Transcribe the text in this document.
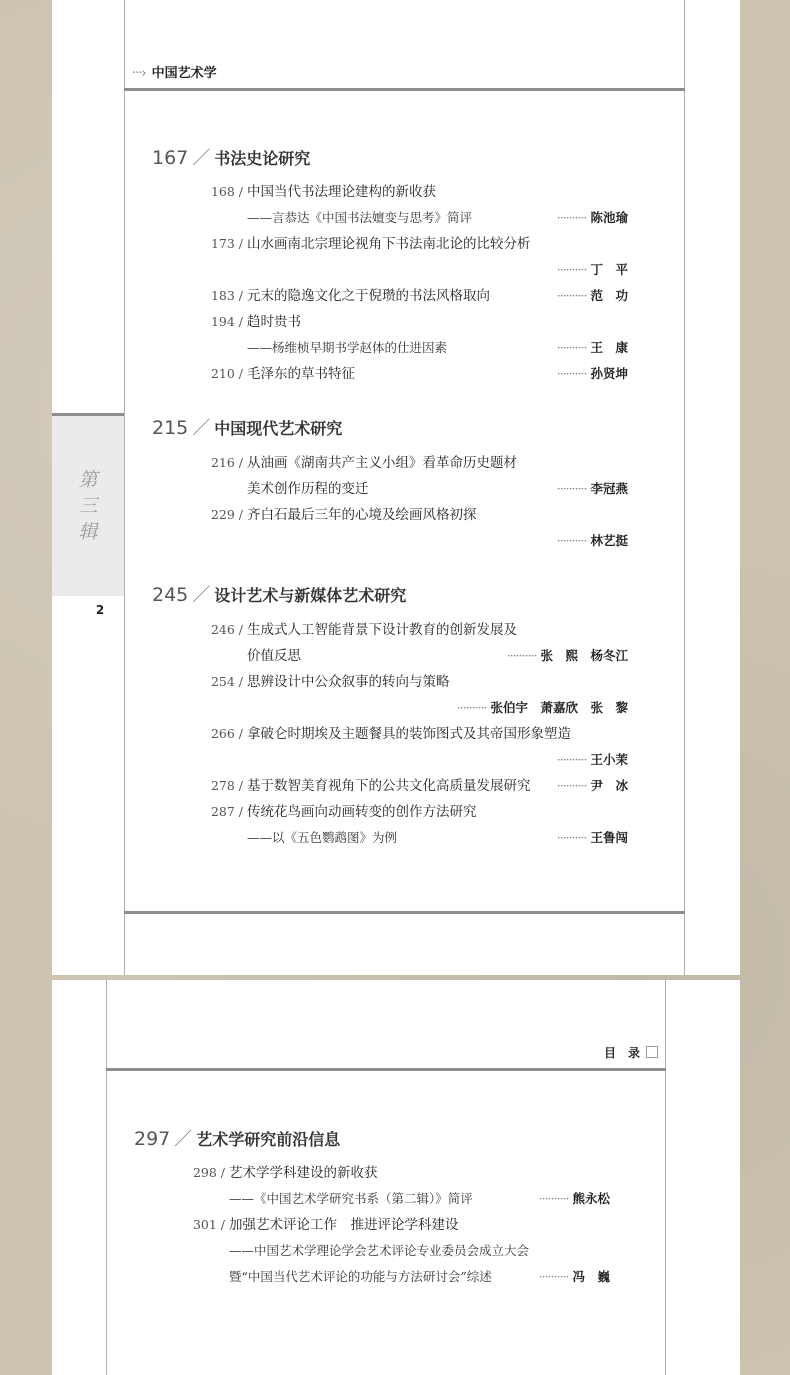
···› 中国艺术学
第
三
辑
2
167 ／ 书法史论研究
168 / 中国当代书法理论建构的新收获
——言恭达《中国书法嬗变与思考》简评	·········· 陈池瑜
173 / 山水画南北宗理论视角下书法南北论的比较分析
·········· 丁　平
183 / 元末的隐逸文化之于倪瓒的书法风格取向	·········· 范　功
194 / 趋时贵书
——杨维桢早期书学赵体的仕进因素	·········· 王　康
210 / 毛泽东的草书特征	·········· 孙贤坤
215 ／ 中国现代艺术研究
216 / 从油画《湖南共产主义小组》看革命历史题材
美术创作历程的变迁	·········· 李冠燕
229 / 齐白石最后三年的心境及绘画风格初探
·········· 林艺挺
245 ／ 设计艺术与新媒体艺术研究
246 / 生成式人工智能背景下设计教育的创新发展及
价值反思	·········· 张　熙　杨冬江
254 / 思辨设计中公众叙事的转向与策略
·········· 张伯宇　萧嘉欣　张　黎
266 / 拿破仑时期埃及主题餐具的装饰图式及其帝国形象塑造
·········· 王小茉
278 / 基于数智美育视角下的公共文化高质量发展研究 ·········· 尹　冰
287 / 传统花鸟画向动画转变的创作方法研究
——以《五色鹦鹉图》为例	·········· 王鲁闯
目　录
297 ／ 艺术学研究前沿信息
298 / 艺术学学科建设的新收获
——《中国艺术学研究书系（第二辑）》简评	·········· 熊永松
301 / 加强艺术评论工作　推进评论学科建设
——中国艺术学理论学会艺术评论专业委员会成立大会
暨“中国当代艺术评论的功能与方法研讨会”综述	·········· 冯　巍
